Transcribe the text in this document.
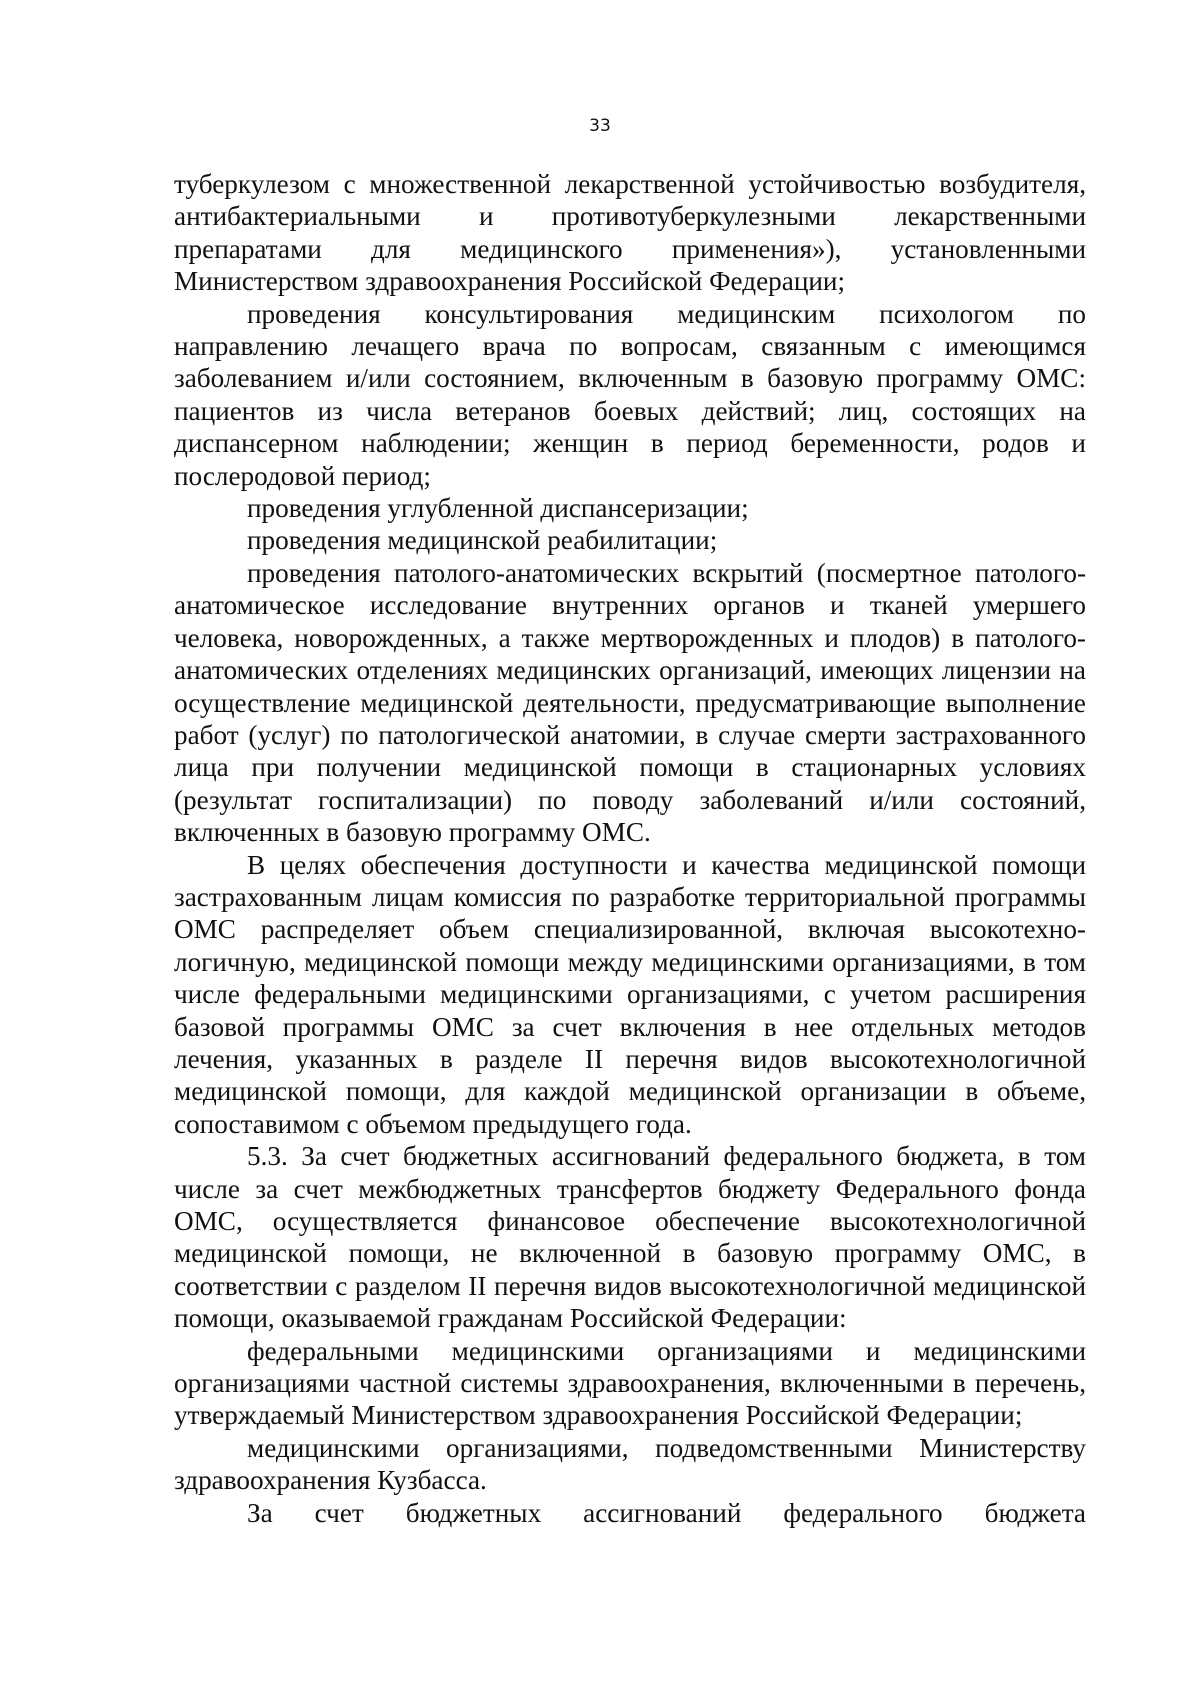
33

туберкулезом с множественной лекарственной устойчивостью возбудителя, антибактериальными и противотуберкулезными лекарственными препаратами для медицинского применения»), установленными Министерством здравоохранения Российской Федерации;

проведения консультирования медицинским психологом по направлению лечащего врача по вопросам, связанным с имеющимся заболеванием и/или состоянием, включенным в базовую программу ОМС: пациентов из числа ветеранов боевых действий; лиц, состоящих на диспансерном наблюдении; женщин в период беременности, родов и послеродовой период;

проведения углубленной диспансеризации;

проведения медицинской реабилитации;

проведения патолого-анатомических вскрытий (посмертное патолого-анатомическое исследование внутренних органов и тканей умершего человека, новорожденных, а также мертворожденных и плодов) в патолого-анатомических отделениях медицинских организаций, имеющих лицензии на осуществление медицинской деятельности, предусматривающие выполнение работ (услуг) по патологической анатомии, в случае смерти застрахованного лица при получении медицинской помощи в стационарных условиях (результат госпитализации) по поводу заболеваний и/или состояний, включенных в базовую программу ОМС.

В целях обеспечения доступности и качества медицинской помощи застрахованным лицам комиссия по разработке территориальной программы ОМС распределяет объем специализированной, включая высокотехно-логичную, медицинской помощи между медицинскими организациями, в том числе федеральными медицинскими организациями, с учетом расширения базовой программы ОМС за счет включения в нее отдельных методов лечения, указанных в разделе II перечня видов высокотехнологичной медицинской помощи, для каждой медицинской организации в объеме, сопоставимом с объемом предыдущего года.

5.3. За счет бюджетных ассигнований федерального бюджета, в том числе за счет межбюджетных трансфертов бюджету Федерального фонда ОМС, осуществляется финансовое обеспечение высокотехнологичной медицинской помощи, не включенной в базовую программу ОМС, в соответствии с разделом II перечня видов высокотехнологичной медицинской помощи, оказываемой гражданам Российской Федерации:

федеральными медицинскими организациями и медицинскими организациями частной системы здравоохранения, включенными в перечень, утверждаемый Министерством здравоохранения Российской Федерации;

медицинскими организациями, подведомственными Министерству здравоохранения Кузбасса.

За счет бюджетных ассигнований федерального бюджета
